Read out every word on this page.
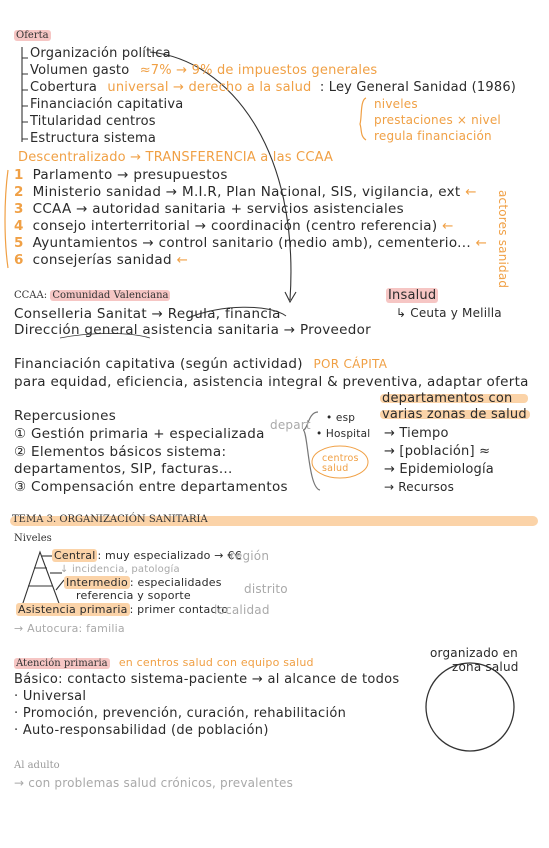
Oferta
Organización política
Volumen gasto ≈7% → 9% de impuestos generales
Cobertura universal → derecho a la salud : Ley General Sanidad (1986)
Financiación capitativa
Titularidad centros
Estructura sistema
niveles
prestaciones × nivel
regula financiación
Descentralizado → TRANSFERENCIA a las CCAA
1 Parlamento → presupuestos
2 Ministerio sanidad → M.I.R, Plan Nacional, SIS, vigilancia, ext ←
3 CCAA → autoridad sanitaria + servicios asistenciales
4 consejo interterritorial → coordinación (centro referencia) ←
5 Ayuntamientos → control sanitario (medio amb), cementerio... ←
6 consejerías sanidad ←	actores sanidad
CCAA: Comunidad Valenciana
Conselleria Sanitat → Regula, financia
Dirección general asistencia sanitaria → Proveedor
Insalud
↳ Ceuta y Melilla
Financiación capitativa (según actividad) POR CÁPITA
para equidad, eficiencia, asistencia integral & preventiva, adaptar oferta
Repercusiones
① Gestión primaria + especializada
② Elementos básicos sistema:
departamentos, SIP, facturas...
③ Compensación entre departamentos
depart • esp
• Hospital
centros salud
departamentos con
varias zonas de salud
→ Tiempo
→ [población] ≈
→ Epidemiología
→ Recursos
TEMA 3. ORGANIZACIÓN SANITARIA
Niveles
Central : muy especializado → €€
región
↓ incidencia, patología
Intermedio : especialidades
referencia y soporte	distrito
Asistencia primaria : primer contacto
localidad
→ Autocura: familia
Atención primaria en centros salud con equipo salud
Básico: contacto sistema-paciente → al alcance de todos
· Universal
· Promoción, prevención, curación, rehabilitación
· Auto-responsabilidad (de población)
organizado en
zona salud
Al adulto
→ con problemas salud crónicos, prevalentes
